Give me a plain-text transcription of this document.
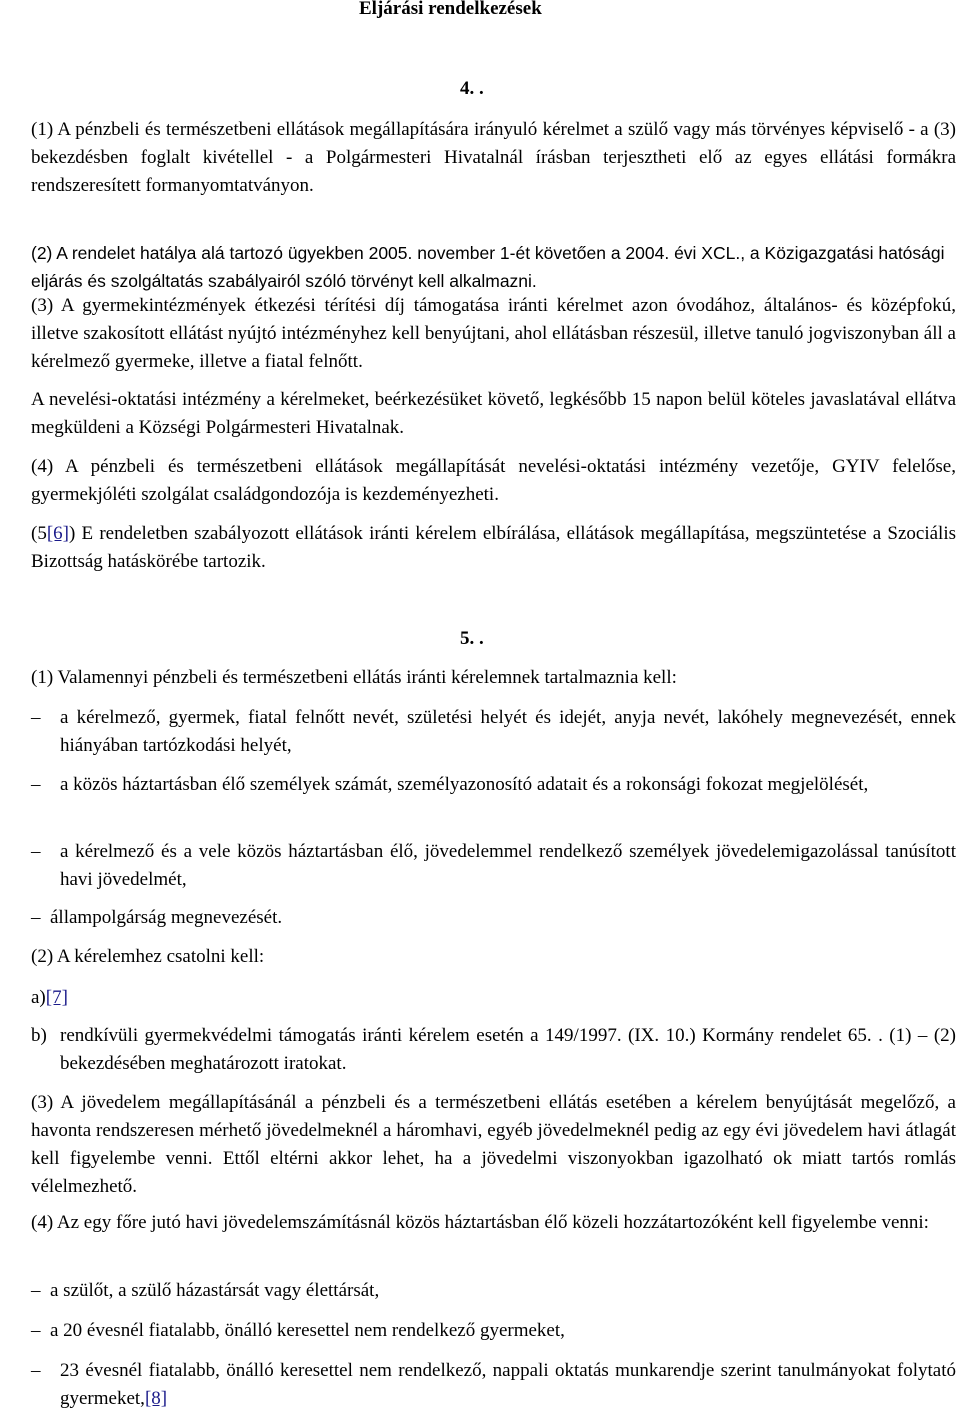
Eljárási rendelkezések
4. .

(1) A pénzbeli és természetbeni ellátások megállapítására irányuló kérelmet a szülő vagy más törvényes képviselő - a (3) bekezdésben foglalt kivétellel - a Polgármesteri Hivatalnál írásban terjesztheti elő az egyes ellátási formákra rendszeresített formanyomtatványon.

(2) A rendelet hatálya alá tartozó ügyekben 2005. november 1-ét követően a 2004. évi XCL., a Közigazgatási hatósági eljárás és szolgáltatás szabályairól szóló törvényt kell alkalmazni.

(3) A gyermekintézmények étkezési térítési díj támogatása iránti kérelmet azon óvodához, általános- és középfokú, illetve szakosított ellátást nyújtó intézményhez kell benyújtani, ahol ellátásban részesül, illetve tanuló jogviszonyban áll a kérelmező gyermeke, illetve a fiatal felnőtt.

A nevelési-oktatási intézmény a kérelmeket, beérkezésüket követő, legkésőbb 15 napon belül köteles javaslatával ellátva megküldeni a Községi Polgármesteri Hivatalnak.

(4) A pénzbeli és természetbeni ellátások megállapítását nevelési-oktatási intézmény vezetője, GYIV felelőse, gyermekjóléti szolgálat családgondozója is kezdeményezheti.

(5[6]) E rendeletben szabályozott ellátások iránti kérelem elbírálása, ellátások megállapítása, megszüntetése a Szociális Bizottság hatáskörébe tartozik.

5. .

(1) Valamennyi pénzbeli és természetbeni ellátás iránti kérelemnek tartalmaznia kell:

– a kérelmező, gyermek, fiatal felnőtt nevét, születési helyét és idejét, anyja nevét, lakóhely megnevezését, ennek hiányában tartózkodási helyét,
– a közös háztartásban élő személyek számát, személyazonosító adatait és a rokonsági fokozat megjelölését,
– a kérelmező és a vele közös háztartásban élő, jövedelemmel rendelkező személyek jövedelemigazolással tanúsított havi jövedelmét,
– állampolgárság megnevezését.

(2) A kérelemhez csatolni kell:

a)[7]

b) rendkívüli gyermekvédelmi támogatás iránti kérelem esetén a 149/1997. (IX. 10.) Kormány rendelet 65. . (1) – (2) bekezdésében meghatározott iratokat.

(3) A jövedelem megállapításánál a pénzbeli és a természetbeni ellátás esetében a kérelem benyújtását megelőző, a havonta rendszeresen mérhető jövedelmeknél a háromhavi, egyéb jövedelmeknél pedig az egy évi jövedelem havi átlagát kell figyelembe venni. Ettől eltérni akkor lehet, ha a jövedelmi viszonyokban igazolható ok miatt tartós romlás vélelmezhető.

(4) Az egy főre jutó havi jövedelemszámításnál közös háztartásban élő közeli hozzátartozóként kell figyelembe venni:

– a szülőt, a szülő házastársát vagy élettársát,
– a 20 évesnél fiatalabb, önálló keresettel nem rendelkező gyermeket,
– 23 évesnél fiatalabb, önálló keresettel nem rendelkező, nappali oktatás munkarendje szerint tanulmányokat folytató gyermeket,[8]
